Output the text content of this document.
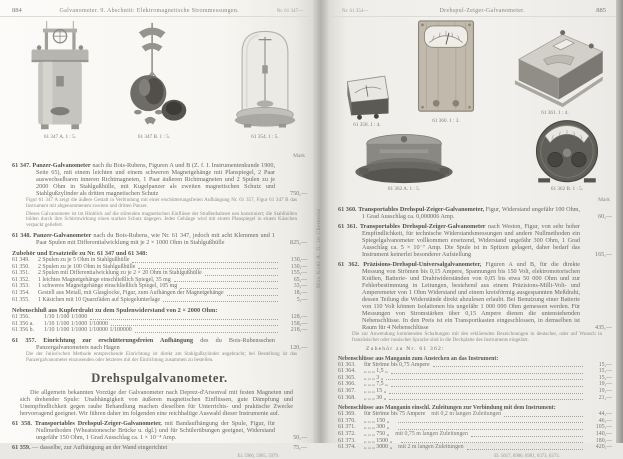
884	Galvanometer. 9. Abschnitt: Elektromagnetische Strommessungen.	Nr. 61 347—
61 347 A. 1 : 5.	61 347 B. 1 : 5.	61 354. 1 : 5.
Mark
61 347. Panzer-Galvanometer nach du Bois-Rubens, Figuren A und B (Z. f. I. Instrumentenkunde 1900, Seite 65), mit einem leichten und einem schweren Magnetgehänge mit Planspiegel, 2 Paar auswechselbaren inneren Richtmagneten, 1 Paar äußeren Richtmagneten und 2 Spulen zu je 2000 Ohm in Stahlgußhülle, mit Kugelpanzer als zweiten magnetischen Schutz und Stahlgußzylinder als dritten magnetischen Schutz	750,—
Figur 61 347 A zeigt die äußere Gestalt in Verbindung mit einer erschütterungsfreien Aufhängung Nr. 61 357, Figur 61 347 B das Instrument mit abgenommenem zweiten und dritten Panzer.
Dieses Galvanometer ist im Hinblick auf die störenden magnetischen Einflüsse der Straßenbahnen neu konstruiert; die Stahlhüllen bilden durch ihre Schirmwirkung einen starken Schutz dagegen. Jedes Gehänge wird mit einem Planspiegel in einem Kästchen verpackt geliefert.
61 348. Panzer-Galvanometer nach du Bois-Rubens, wie Nr. 61 347, jedoch mit acht Klemmen und 1 Paar Spulen mit Differentialwicklung mit je 2 × 1000 Ohm in Stahlgußhülle	825,—
Zubehör und Ersatzteile zu Nr. 61 347 und 61 348:
61 349.	2 Spulen zu je 5 Ohm in Stahlgußhülle	130,—
61 350.	2 Spulen zu je 100 Ohm in Stahlgußhülle	130,—
61 351.	2 Spulen mit Differentialwicklung zu je 2 × 20 Ohm in Stahlgußhülle	155,—
61 352.	1 leichtes Magnetgehänge einschließlich Spiegel, 35 mg	65,—
61 353.	1 schweres Magnetgehänge einschließlich Spiegel, 105 mg	33,—
61 354.	Gestell aus Metall, mit Glasglocke, Figur, zum Aufhängen der Magnetgehänge	18,—
61 355.	1 Kästchen mit 10 Quarzfäden auf Spiegelunterlage	5,—
Nebenschluß aus Kupferdraht zu dem Spulenwiderstand von 2 × 2000 Ohm:
61 356.	1/10 1/100 1/1000	128,—
61 356 a.	1/10 1/100 1/1000 1/10000	158,—
61 356 b.	1/10 1/100 1/1000 1/10000 1/100000	218,—
61 357. Einrichtung zur erschütterungsfreien Aufhängung des du Bois-Rubensschen Panzergalvanometers nach Hagen	120,—
Die der Julius'schen Methode entsprechende Einrichtung ist direkt am Stahlgußzylinder angebracht; bei Bestellung ist das Panzergalvanometer einzusenden oder letzteres mit der Einrichtung zusammen zu bestellen.
Drehspulgalvanometer.
Die allgemein bekannten Vorzüge der Galvanometer nach Deprez-d'Arsonval mit festen Magneten und sich drehender Spule: Unabhängigkeit von äußeren magnetischen Einflüssen, gute Dämpfung und Unempfindlichkeit gegen rauhe Behandlung machen dieselben für Unterrichts- und praktische Zwecke hervorragend geeignet. Wir führen daher im folgenden eine reichhaltige Auswahl dieser Instrumente auf.
61 358. Transportables Drehspul-Zeiger-Galvanometer, mit Bandaufhängung der Spule, Figur, für Nullmethoden (Wheatstonesche Brücke u. dgl.) und für Schülerübungen geeignet, Widerstand ungefähr 150 Ohm, 1 Grad Ausschlag ca. 1 × 10⁻⁴ Amp.	50,—
61 359. — dasselbe, zur Aufhängung an der Wand eingerichtet	75,—
El. 5966, 5965, 5979.
Max Kohl A. G. in Chemnitz
Nr. 61 354—	Drehspul-Zeiger-Galvanometer.	885
61 358. 1 : 4.
61 360. 1 : 3.
61 361. 1 : 4.
61 362 A. 1 : 5.	61 362 B. 1 : 5.
Mark
61 360. Transportables Drehspul-Zeiger-Galvanometer, Figur, Widerstand ungefähr 100 Ohm, 1 Grad Ausschlag ca. 0,000006 Amp.	60,—
61 361. Transportables Drehspul-Zeiger-Galvanometer nach Weston, Figur, von sehr hoher Empfindlichkeit, für technische Widerstandsmessungen und andere Nullmethoden ein Spiegelgalvanometer vollkommen ersetzend, Widerstand ungefähr 300 Ohm, 1 Grad Ausschlag ca. 5 × 10⁻⁷ Amp. Die Spule ist in Spitzen gelagert, daher bedarf das Instrument keinerlei besonderer Aufstellung	165,—
61 362. Präzisions-Drehspul-Universalgalvanometer, Figuren A und B, für die direkte Messung von Strömen bis 0,15 Ampere, Spannungen bis 150 Volt, elektromotorischen Kräften, Batterie- und Drahtwiderständen von 0,05 bis etwa 50 000 Ohm und zur Fehlerbestimmung in Leitungen, bestehend aus einem Präzisions-Milli-Volt- und Amperemeter von 1 Ohm Widerstand und einem kreisförmig ausgespannten Meßdraht, dessen Teilung die Widerstände direkt abzulesen erlaubt. Bei Benutzung einer Batterie von 110 Volt können Isolationen bis ungefähr 1 000 000 Ohm gemessen werden. Für Messungen von Stromstärken über 0,15 Ampere dienen die untenstehenden Nebenschlüsse. In den Preis ist ein Transportkasten eingeschlossen, in demselben ist Raum für 4 Nebenschlüsse	435,—
Die zur Anwendung kommenden Schaltungen mit den erklärenden Bezeichnungen in deutscher, oder auf Wunsch in französischer oder russischer Sprache sind in die Deckplatte des Instruments eingeätzt.
Zubehör zu Nr. 61 362:
Nebenschlüsse aus Manganin zum Anstecken an das Instrument:
61 363.	für Ströme bis 0,75 Ampere	15,—
61 364.	„ „ „ 1,5 „	15,—
61 365.	„ „ „ 3 „	15,—
61 366.	„ „ „ 7,5 „	19,—
61 367.	„ „ „ 15 „	19,—
61 368.	„ „ „ 30 „	21,—
Nebenschlüsse aus Manganin einschl. Zuleitungen zur Verbindung mit dem Instrument:
61 369.	für Ströme bis 75 Ampere mit 0,2 m langen Zuleitungen	44,—
61 370.	„ „ „ 150 „	46,—
61 371.	„ „ „ 300 „	105,—
61 372.	„ „ „ 750 „ mit 0,75 m langen Zuleitungen	140,—
61 373.	„ „ „ 1500 „	180,—
61 374.	„ „ „ 3000 „ mit 2 m langen Zuleitungen	420,—
El. 5617, 6986, 6981, 6373, 6373.
